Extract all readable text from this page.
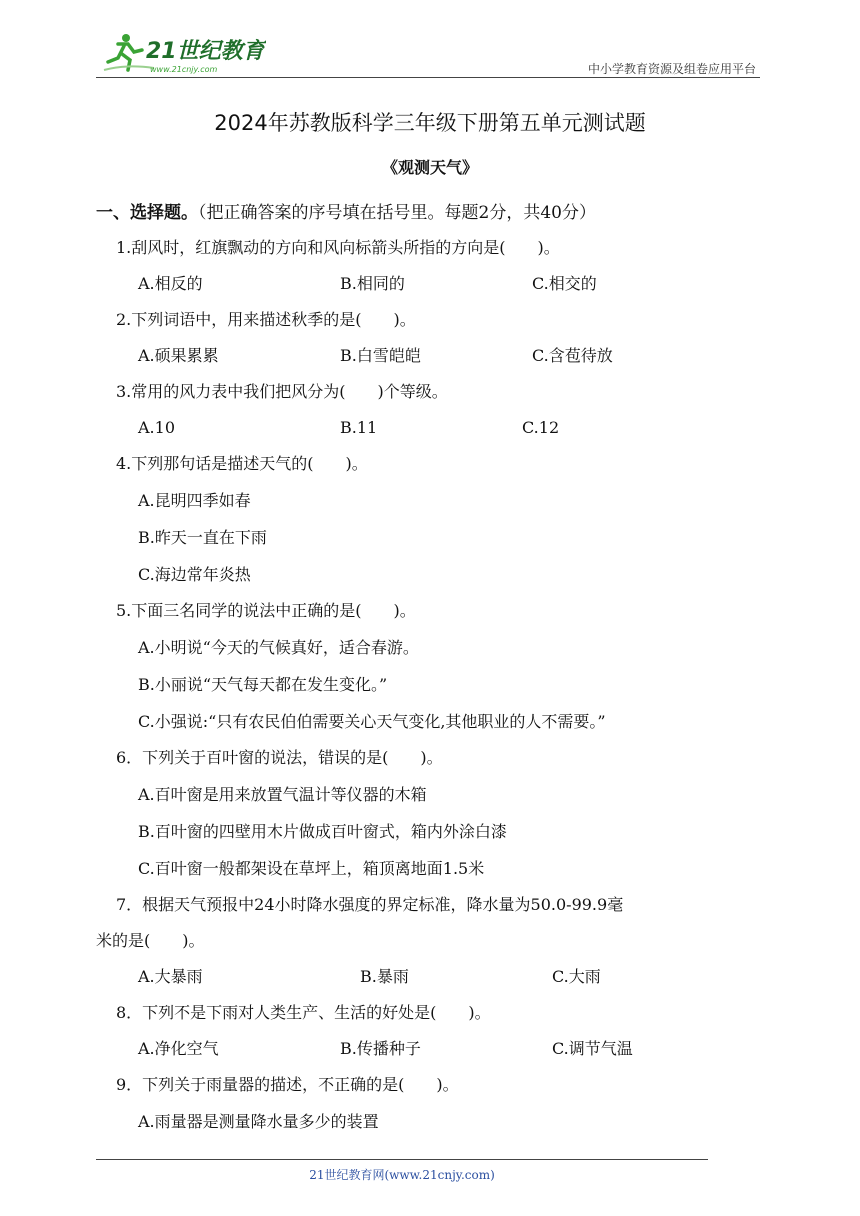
21世纪教育
www.21cnjy.com	中小学教育资源及组卷应用平台
2024年苏教版科学三年级下册第五单元测试题
《观测天气》
一、选择题。（把正确答案的序号填在括号里。每题2分，共40分）
1.刮风时，红旗飘动的方向和风向标箭头所指的方向是(　　)。
A.相反的	B.相同的	C.相交的
2.下列词语中，用来描述秋季的是(　　)。
A.硕果累累	B.白雪皑皑	C.含苞待放
3.常用的风力表中我们把风分为(　　)个等级。
A.10	B.11	C.12
4.下列那句话是描述天气的(　　)。
A.昆明四季如春
B.昨天一直在下雨
C.海边常年炎热
5.下面三名同学的说法中正确的是(　　)。
A.小明说“今天的气候真好，适合春游。
B.小丽说“天气每天都在发生变化。”
C.小强说:“只有农民伯伯需要关心天气变化,其他职业的人不需要。”
6．下列关于百叶窗的说法，错误的是(　　)。
A.百叶窗是用来放置气温计等仪器的木箱
B.百叶窗的四壁用木片做成百叶窗式，箱内外涂白漆
C.百叶窗一般都架设在草坪上，箱顶离地面1.5米
7．根据天气预报中24小时降水强度的界定标准，降水量为50.0-99.9毫
米的是(　　)。
A.大暴雨	B.暴雨	C.大雨
8．下列不是下雨对人类生产、生活的好处是(　　)。
A.净化空气	B.传播种子	C.调节气温
9．下列关于雨量器的描述，不正确的是(　　)。
A.雨量器是测量降水量多少的装置
21世纪教育网(www.21cnjy.com)
